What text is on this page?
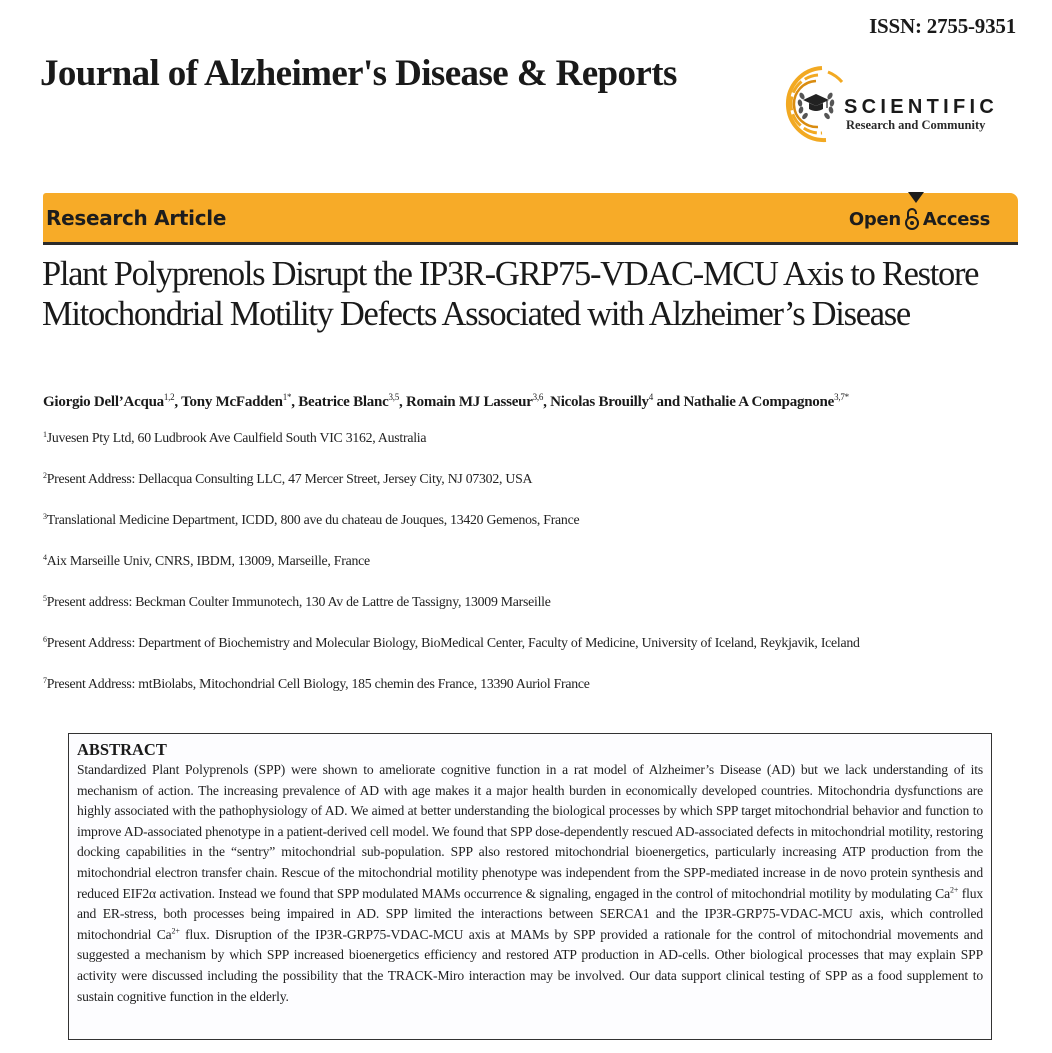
ISSN: 2755-9351
Journal of Alzheimer's Disease & Reports
SCIENTIFIC
Research and Community
Research Article	Open Access
Plant Polyprenols Disrupt the IP3R-GRP75-VDAC-MCU Axis to Restore Mitochondrial Motility Defects Associated with Alzheimer’s Disease
Giorgio Dell’Acqua$^{1,2}$, Tony McFadden$^{1*}$, Beatrice Blanc$^{3,5}$, Romain MJ Lasseur$^{3,6}$, Nicolas Brouilly$^4$ and Nathalie A Compagnone$^{3,7*}$
$^1$Juvesen Pty Ltd, 60 Ludbrook Ave Caulfield South VIC 3162, Australia
$^2$Present Address: Dellacqua Consulting LLC, 47 Mercer Street, Jersey City, NJ 07302, USA
$^3$Translational Medicine Department, ICDD, 800 ave du chateau de Jouques, 13420 Gemenos, France
$^4$Aix Marseille Univ, CNRS, IBDM, 13009, Marseille, France
$^5$Present address: Beckman Coulter Immunotech, 130 Av de Lattre de Tassigny, 13009 Marseille
$^6$Present Address: Department of Biochemistry and Molecular Biology, BioMedical Center, Faculty of Medicine, University of Iceland, Reykjavik, Iceland
$^7$Present Address: mtBiolabs, Mitochondrial Cell Biology, 185 chemin des France, 13390 Auriol France
ABSTRACT
Standardized Plant Polyprenols (SPP) were shown to ameliorate cognitive function in a rat model of Alzheimer’s Disease (AD) but we lack understanding of its mechanism of action. The increasing prevalence of AD with age makes it a major health burden in economically developed countries. Mitochondria dysfunctions are highly associated with the pathophysiology of AD. We aimed at better understanding the biological processes by which SPP target mitochondrial behavior and function to improve AD-associated phenotype in a patient-derived cell model. We found that SPP dose-dependently rescued AD-associated defects in mitochondrial motility, restoring docking capabilities in the “sentry” mitochondrial sub-population. SPP also restored mitochondrial bioenergetics, particularly increasing ATP production from the mitochondrial electron transfer chain. Rescue of the mitochondrial motility phenotype was independent from the SPP-mediated increase in de novo protein synthesis and reduced EIF2α activation. Instead we found that SPP modulated MAMs occurrence & signaling, engaged in the control of mitochondrial motility by modulating $Ca^{2+}$ flux and ER-stress, both processes being impaired in AD. SPP limited the interactions between SERCA1 and the IP3R-GRP75-VDAC-MCU axis, which controlled mitochondrial $Ca^{2+}$ flux. Disruption of the IP3R-GRP75-VDAC-MCU axis at MAMs by SPP provided a rationale for the control of mitochondrial movements and suggested a mechanism by which SPP increased bioenergetics efficiency and restored ATP production in AD-cells. Other biological processes that may explain SPP activity were discussed including the possibility that the TRACK-Miro interaction may be involved. Our data support clinical testing of SPP as a food supplement to sustain cognitive function in the elderly.
